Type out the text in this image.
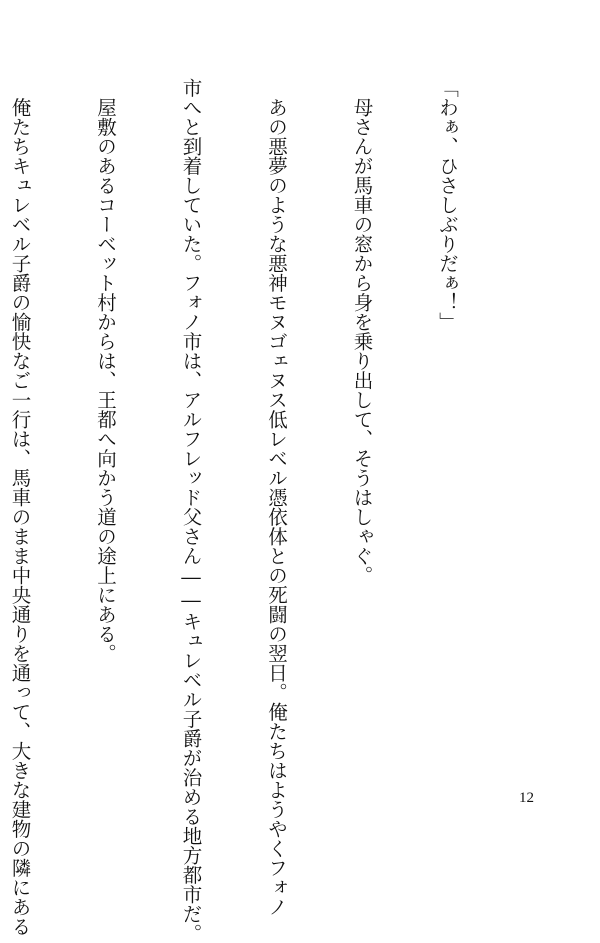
「わぁ、ひさしぶりだぁ！」

　母さんが馬車の窓から身を乗り出して、そうはしゃぐ。

　あの悪夢のような悪神モヌゴェヌス低レベル憑依体との死闘の翌日。俺たちはようやくフォノ

市へと到着していた。フォノ市は、アルフレッド父さん――キュレベル子爵が治める地方都市だ。

　屋敷のあるコーベット村からは、王都へ向かう道の途上にある。

　俺たちキュレベル子爵の愉快なご一行は、馬車のまま中央通りを通って、大きな建物の隣にある

	12
